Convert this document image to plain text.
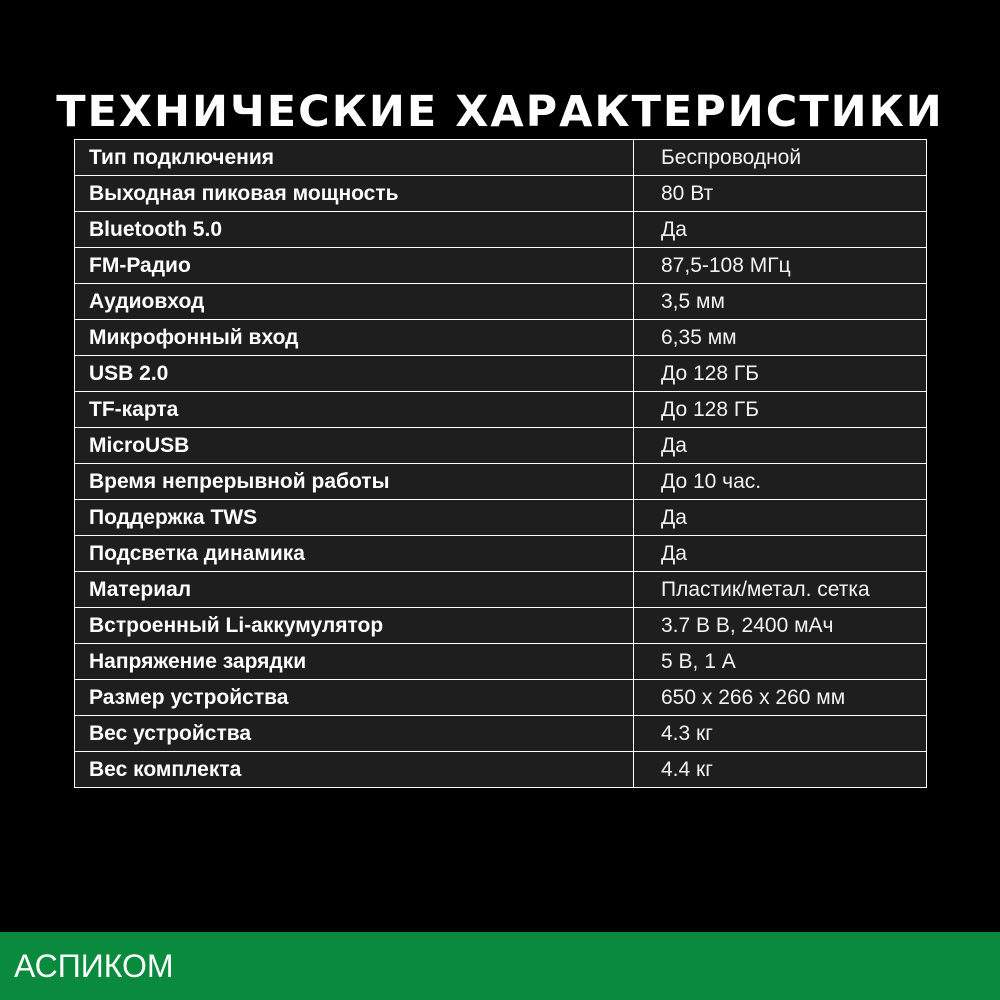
ТЕХНИЧЕСКИЕ ХАРАКТЕРИСТИКИ
Тип подключения	Беспроводной
Выходная пиковая мощность	80 Вт
Bluetooth 5.0	Да
FM-Радио	87,5-108 МГц
Аудиовход	3,5 мм
Микрофонный вход	6,35 мм
USB 2.0	До 128 ГБ
TF-карта	До 128 ГБ
MicroUSB	Да
Время непрерывной работы	До 10 час.
Поддержка TWS	Да
Подсветка динамика	Да
Материал	Пластик/метал. сетка
Встроенный Li-аккумулятор	3.7 В В, 2400 мАч
Напряжение зарядки	5 В, 1 А
Размер устройства	650 х 266 х 260 мм
Вес устройства	4.3 кг
Вес комплекта	4.4 кг
АСПИКОМ
